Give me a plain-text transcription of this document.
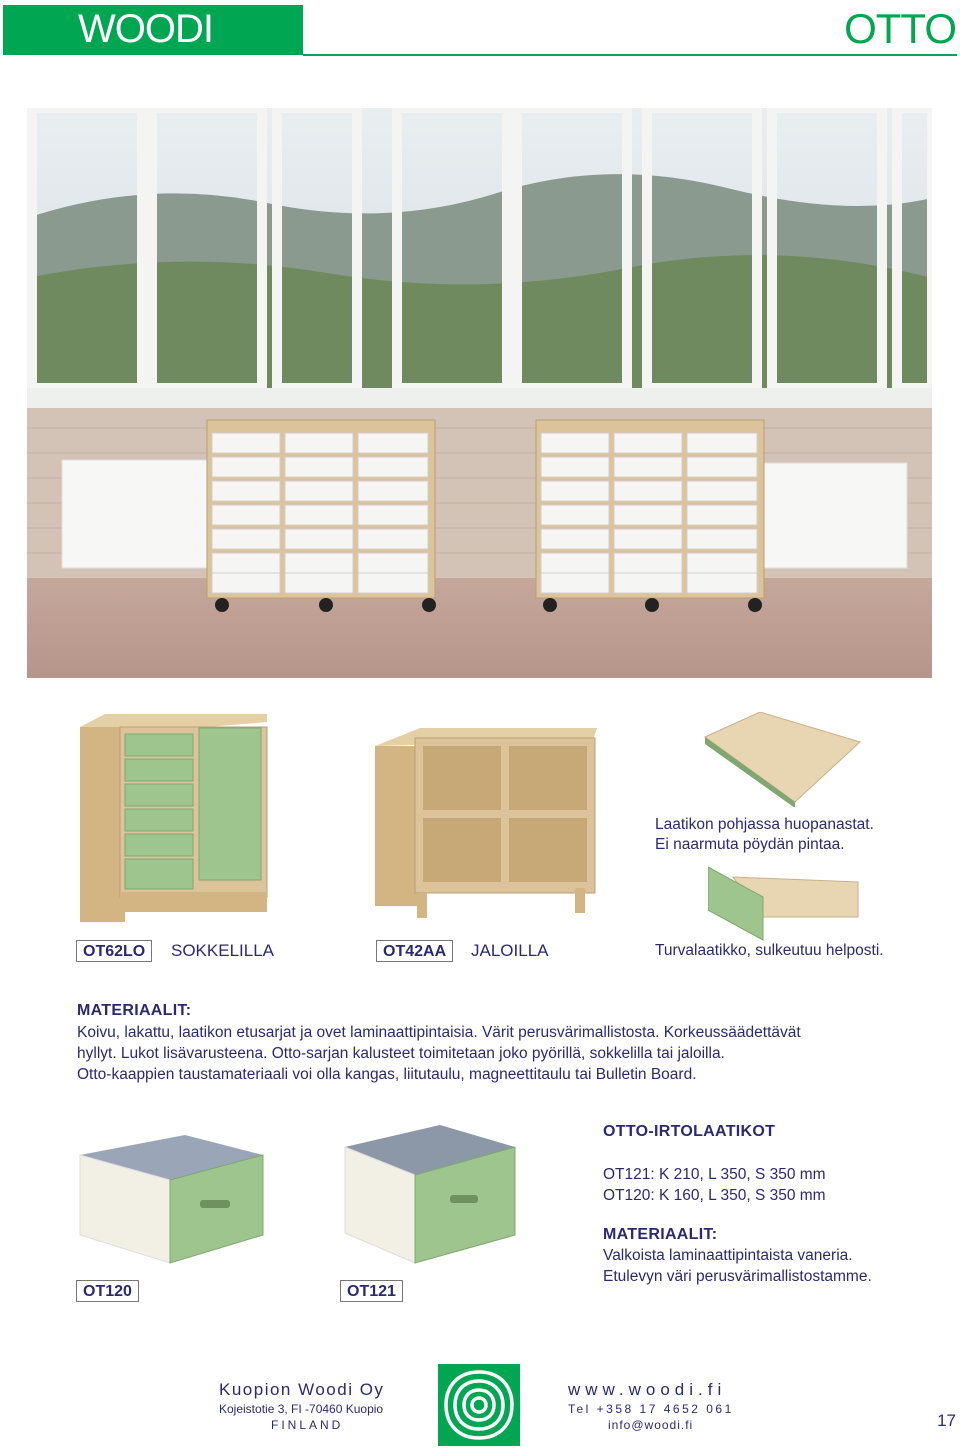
WOODI	OTTO
OT62LO	SOKKELILLA	OT42AA	JALOILLA
Laatikon pohjassa huopanastat.
Ei naarmuta pöydän pintaa.
Turvalaatikko, sulkeutuu helposti.
MATERIAALIT:
Koivu, lakattu, laatikon etusarjat ja ovet laminaattipintaisia. Värit perusvärimallistosta. Korkeussäädettävät
hyllyt. Lukot lisävarusteena. Otto-sarjan kalusteet toimitetaan joko pyörillä, sokkelilla tai jaloilla.
Otto-kaappien taustamateriaali voi olla kangas, liitutaulu, magneettitaulu tai Bulletin Board.
OT120	OT121
OTTO-IRTOLAATIKOT
OT121: K 210, L 350, S 350 mm
OT120: K 160, L 350, S 350 mm
MATERIAALIT:
Valkoista laminaattipintaista vaneria.
Etulevyn väri perusvärimallistostamme.
Kuopion Woodi Oy
Kojeistotie 3, FI -70460 Kuopio
FINLAND
www.woodi.fi
Tel +358 17 4652 061
info@woodi.fi	17
